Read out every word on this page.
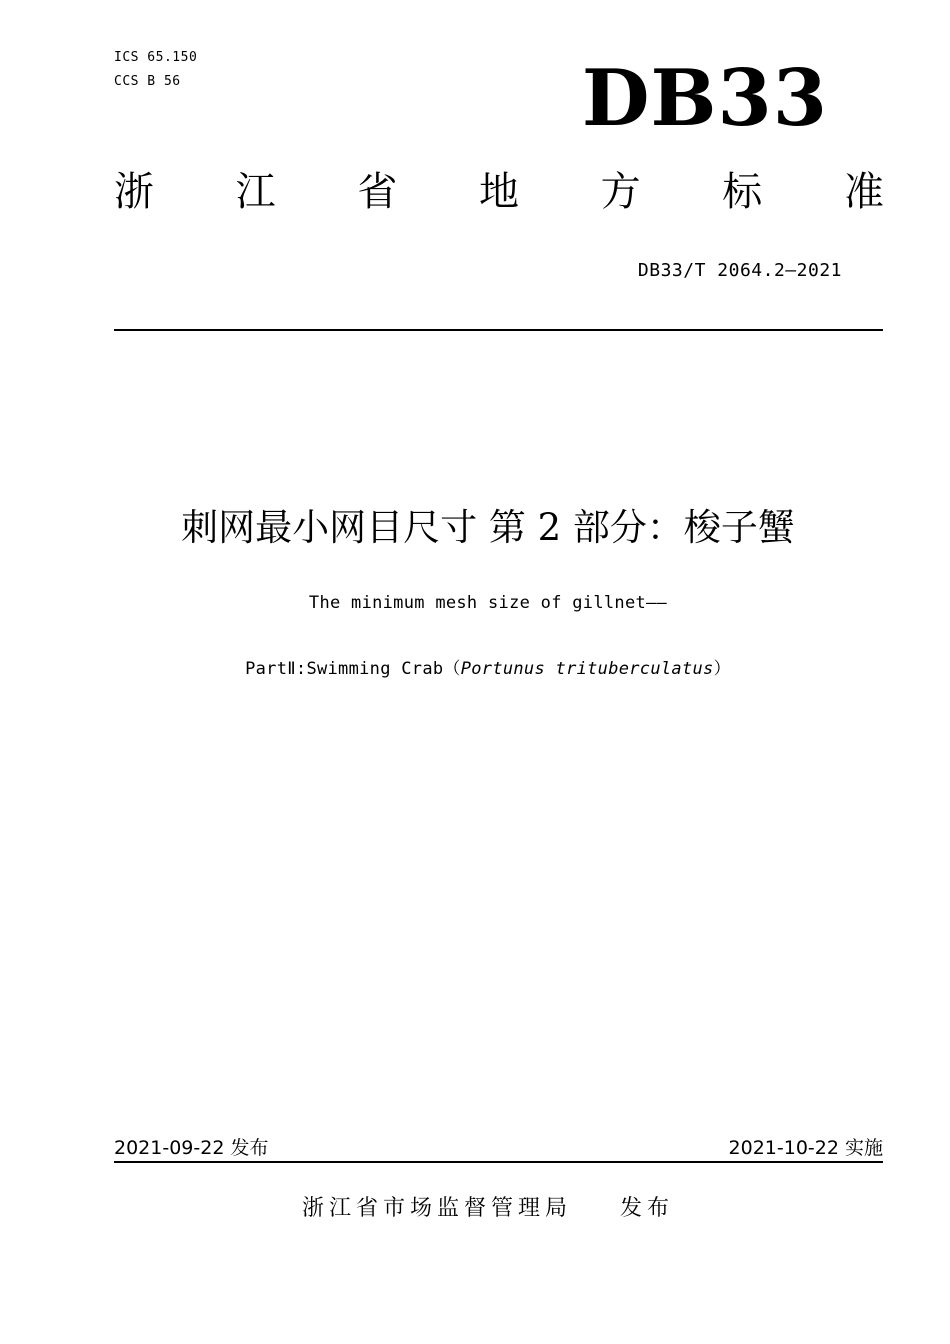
ICS 65.150
CCS B 56	DB33
浙 江 省 地 方 标 准
DB33/T 2064.2—2021
刺网最小网目尺寸 第 2 部分：梭子蟹
The minimum mesh size of gillnet——
PartⅡ:Swimming Crab（Portunus trituberculatus）
2021-09-22 发布	2021-10-22 实施
浙江省市场监督管理局 发布
